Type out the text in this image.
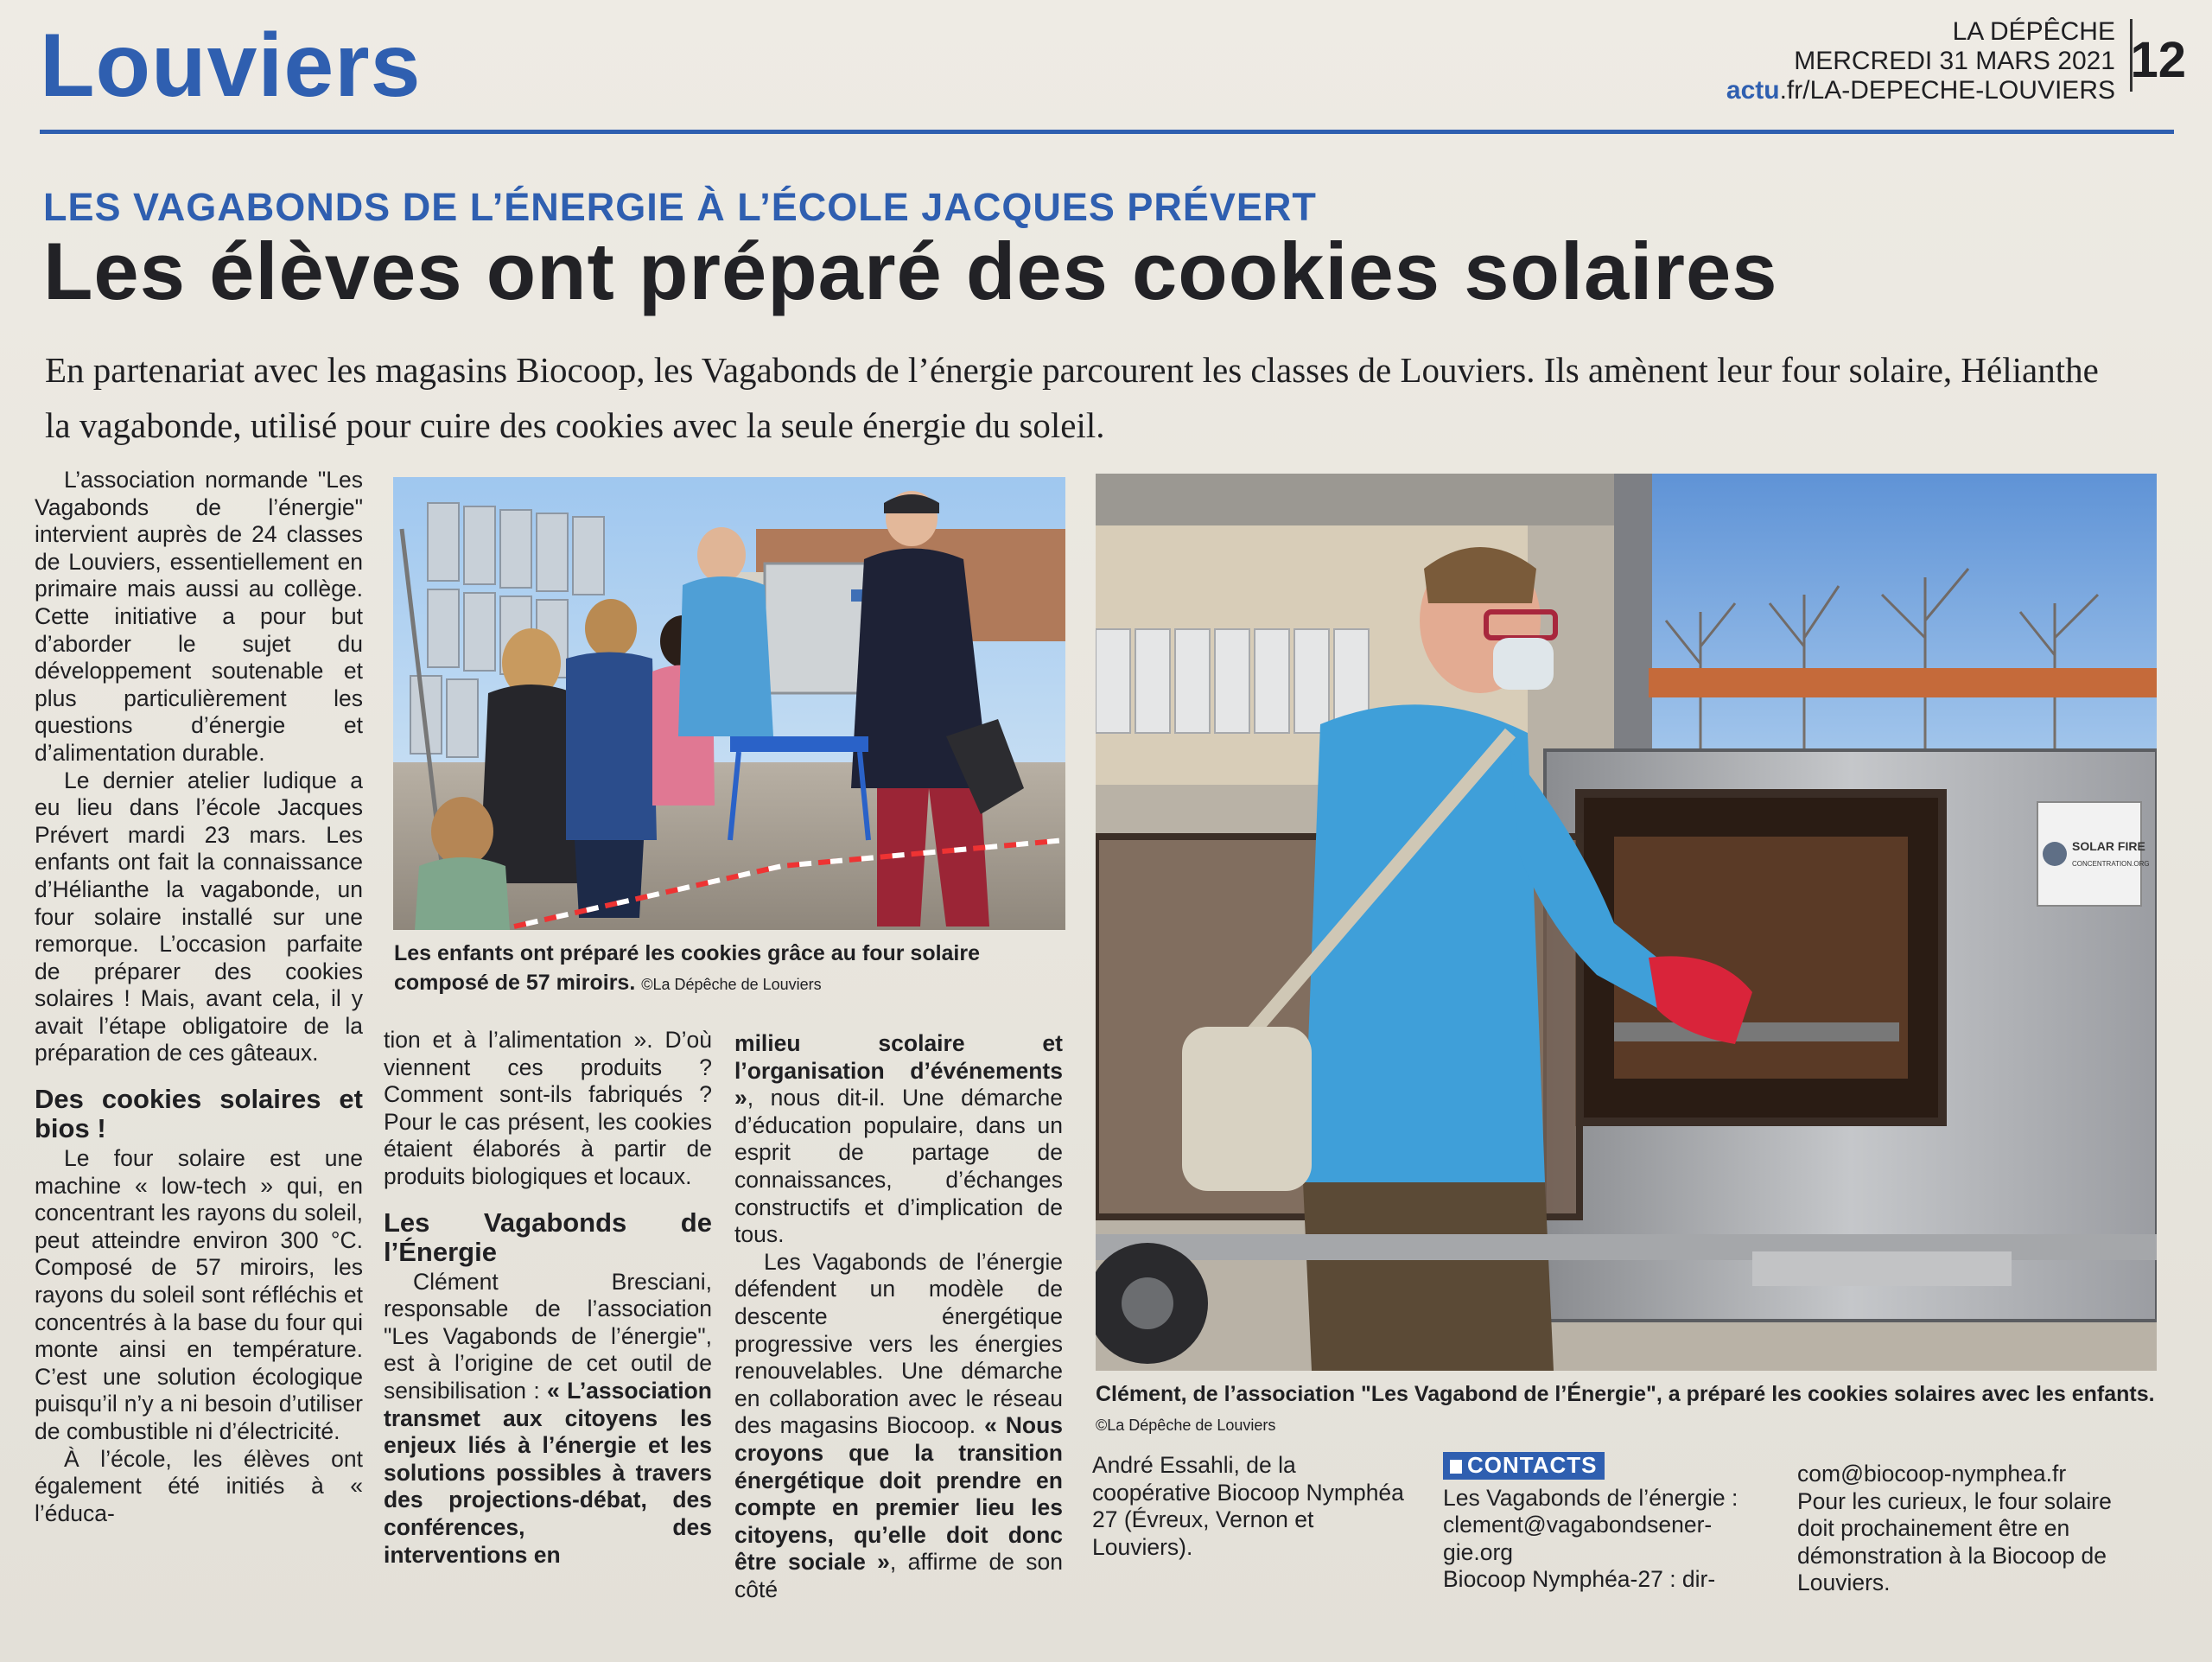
Louviers	LA DÉPÊCHE
MERCREDI 31 MARS 2021
actu.fr/LA-DEPECHE-LOUVIERS
12
LES VAGABONDS DE L’ÉNERGIE À L’ÉCOLE JACQUES PRÉVERT
Les élèves ont préparé des cookies solaires
En partenariat avec les magasins Biocoop, les Vagabonds de l’énergie parcourent les classes de Louviers. Ils amènent leur four solaire, Hélianthe la vagabonde, utilisé pour cuire des cookies avec la seule énergie du soleil.

L’association normande "Les Vagabonds de l’énergie" intervient auprès de 24 classes de Louviers, essentiellement en primaire mais aussi au collège. Cette initiative a pour but d’aborder le sujet du développement soutenable et plus particulièrement les questions d’énergie et d’alimentation durable.

Le dernier atelier ludique a eu lieu dans l’école Jacques Prévert mardi 23 mars. Les enfants ont fait la connaissance d’Hélianthe la vagabonde, un four solaire installé sur une remorque. L’occasion parfaite de préparer des cookies solaires ! Mais, avant cela, il y avait l’étape obligatoire de la préparation de ces gâteaux.

Des cookies solaires et bios !

Le four solaire est une machine « low-tech » qui, en concentrant les rayons du soleil, peut atteindre environ 300 °C. Composé de 57 miroirs, les rayons du soleil sont réfléchis et concentrés à la base du four qui monte ainsi en température. C’est une solution écologique puisqu’il n’y a ni besoin d’utiliser de combustible ni d’électricité.

À l’école, les élèves ont également été initiés à « l’éduca-

Les enfants ont préparé les cookies grâce au four solaire composé de 57 miroirs. ©La Dépêche de Louviers

tion et à l’alimentation ». D’où viennent ces produits ? Comment sont-ils fabriqués ? Pour le cas présent, les cookies étaient élaborés à partir de produits biologiques et locaux.

Les Vagabonds de l’Énergie

Clément Bresciani, responsable de l’association "Les Vagabonds de l’énergie", est à l’origine de cet outil de sensibilisation : « L’association transmet aux citoyens les enjeux liés à l’énergie et les solutions possibles à travers des projections-débat, des conférences, des interventions en

milieu scolaire et l’organisation d’événements », nous dit-il. Une démarche d’éducation populaire, dans un esprit de partage de connaissances, d’échanges constructifs et d’implication de tous.

Les Vagabonds de l’énergie défendent un modèle de descente énergétique progressive vers les énergies renouvelables. Une démarche en collaboration avec le réseau des magasins Biocoop. « Nous croyons que la transition énergétique doit prendre en compte en premier lieu les citoyens, qu’elle doit donc être sociale », affirme de son côté

SOLAR FIRE
CONCENTRATION.ORG
Clément, de l’association "Les Vagabond de l’Énergie", a préparé les cookies solaires avec les enfants. ©La Dépêche de Louviers

André Essahli, de la coopérative Biocoop Nymphéa 27 (Évreux, Vernon et Louviers).

CONTACTS
Les Vagabonds de l’énergie :
clement@vagabondsener-
gie.org
Biocoop Nymphéa-27 : dir-
com@biocoop-nymphea.fr

Pour les curieux, le four solaire doit prochainement être en démonstration à la Biocoop de Louviers.
